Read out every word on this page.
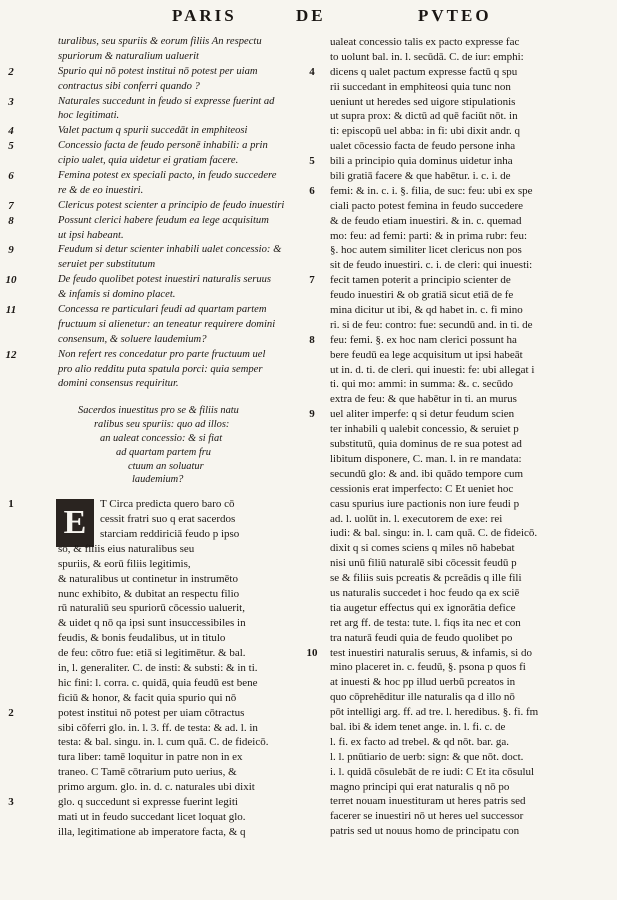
PARIS	DE	PVTEO
turalibus, seu spuriis & eorum filiis An respectu
spuriorum & naturalium ualuerit
2	Spurio qui nō potest institui nō potest per uiam
contractus sibi conferri quando ?
3	Naturales succedunt in feudo si expresse fuerint ad
hoc legitimati.
4	Valet pactum q spurii succedāt in emphiteosi
5	Concessio facta de feudo personē inhabili: a prin
cipio ualet, quia uidetur ei gratiam facere.
6	Femina potest ex speciali pacto, in feudo succedere
re & de eo inuestiri.
7	Clericus potest scienter a principio de feudo inuestiri
8	Possunt clerici habere feudum ea lege acquisitum
ut ipsi habeant.
9	Feudum si detur scienter inhabili ualet concessio: &
seruiet per substitutum
10	De feudo quolibet potest inuestiri naturalis seruus
& infamis si domino placet.
11	Concessa re particulari feudi ad quartam partem
fructuum si alienetur: an teneatur requirere domini
consensum, & soluere laudemium?
12	Non refert res concedatur pro parte fructuum uel
pro alio redditu puta spatula porci: quia semper
domini consensus requiritur.
Sacerdos inuestitus pro se & filiis natu
ralibus seu spuriis: quo ad illos:
an ualeat concessio: & si fiat
ad quartam partem fru
ctuum an soluatur
laudemium?
E
1	T Circa predicta quero baro cō
cessit fratri suo q erat sacerdos
starciam reddiriciā feudo p ipso
so, & filiis eius naturalibus seu
spuriis, & eorū filiis legitimis,
& naturalibus ut continetur in instrumēto
nunc exhibito, & dubitat an respectu filio
rū naturaliū seu spuriorū cōcessio ualuerit,
& uidet q nō qa ipsi sunt insuccessibiles in
feudis, & bonis feudalibus, ut in titulo
de feu: cōtro fue: etiā si legitimētur. & bal.
in, l. generaliter. C. de insti: & substi: & in ti.
hic fini: l. corra. c. quidā, quia feudū est bene
ficiū & honor, & facit quia spurio qui nō
2	potest institui nō potest per uiam cōtractus
sibi cōferri glo. in. l. 3. ff. de testa: & ad. l. in
testa: & bal. singu. in. l. cum quā. C. de fideicō.
tura liber: tamē loquitur in patre non in ex
traneo. C Tamē cōtrarium puto uerius, &
primo argum. glo. in. d. c. naturales ubi dixit
3	glo. q succedunt si expresse fuerint legiti
mati ut in feudo succedant licet loquat glo.
illa, legitimatione ab imperatore facta, & q
ualeat concessio talis ex pacto expresse fac
to uolunt bal. in. l. secūdā. C. de iur: emphi:
4	dicens q ualet pactum expresse factū q spu
rii succedant in emphiteosi quia tunc non
ueniunt ut heredes sed uigore stipulationis
ut supra prox: & dictū ad quē faciūt nōt. in
ti: episcopū uel abba: in fi: ubi dixit andr. q
ualet cōcessio facta de feudo persone inha
5	bili a principio quia dominus uidetur inha
bili gratiā facere & que habētur. i. c. i. de
6	femi: & in. c. i. §. filia, de suc: feu: ubi ex spe
ciali pacto potest femina in feudo succedere
& de feudo etiam inuestiri. & in. c. quemad
mo: feu: ad femi: parti: & in prima rubr: feu:
§. hoc autem similiter licet clericus non pos
sit de feudo inuestiri. c. i. de cleri: qui inuesti:
7	fecit tamen poterit a principio scienter de
feudo inuestiri & ob gratiā sicut etiā de fe
mina dicitur ut ibi, & qd habet in. c. fi mino
ri. si de feu: contro: fue: secundū and. in ti. de
8	feu: femi. §. ex hoc nam clerici possunt ha
bere feudū ea lege acquisitum ut ipsi habeāt
ut in. d. ti. de cleri. qui inuesti: fe: ubi allegat i
ti. qui mo: ammi: in summa: &. c. secūdo
extra de feu: & que habētur in ti. an murus
9	uel aliter imperfe: q si detur feudum scien
ter inhabili q ualebit concessio, & seruiet p
substitutū, quia dominus de re sua potest ad
libitum disponere, C. man. l. in re mandata:
secundū glo: & and. ibi quādo tempore cum
cessionis erat imperfecto: C Et ueniet hoc
casu spurius iure pactionis non iure feudi p
ad. l. uolūt in. l. executorem de exe: rei
iudi: & bal. singu: in. l. cam quā. C. de fideicō.
dixit q si comes sciens q miles nō habebat
nisi unū filiū naturalē sibi cōcessit feudū p
se & filiis suis pcreatis & pcreādis q ille fili
us naturalis succedet i hoc feudo qa ex sciē
tia augetur effectus qui ex ignorātia defice
ret arg ff. de testa: tute. l. fiqs ita nec et con
tra naturā feudi quia de feudo quolibet po
10 test inuestiri naturalis seruus, & infamis, si do
mino placeret in. c. feudū, §. psona p quos fi
at inuesti & hoc pp illud uerbū pcreatos in
quo cōprehēditur ille naturalis qa d illo nō
pōt intelligi arg. ff. ad tre. l. heredibus. §. fi. fm
bal. ibi & idem tenet ange. in. l. fi. c. de
l. fi. ex facto ad trebel. & qd nōt. bar. ga.
l. l. pnūtiario de uerb: sign: & que nōt. doct.
i. l. quidā cōsulebāt de re iudi: C Et ita cōsulul
magno principi qui erat naturalis q nō po
terret nouam inuestituram ut heres patris sed
facerer se inuestiri nō ut heres uel successor
patris sed ut nouus homo de principatu con
